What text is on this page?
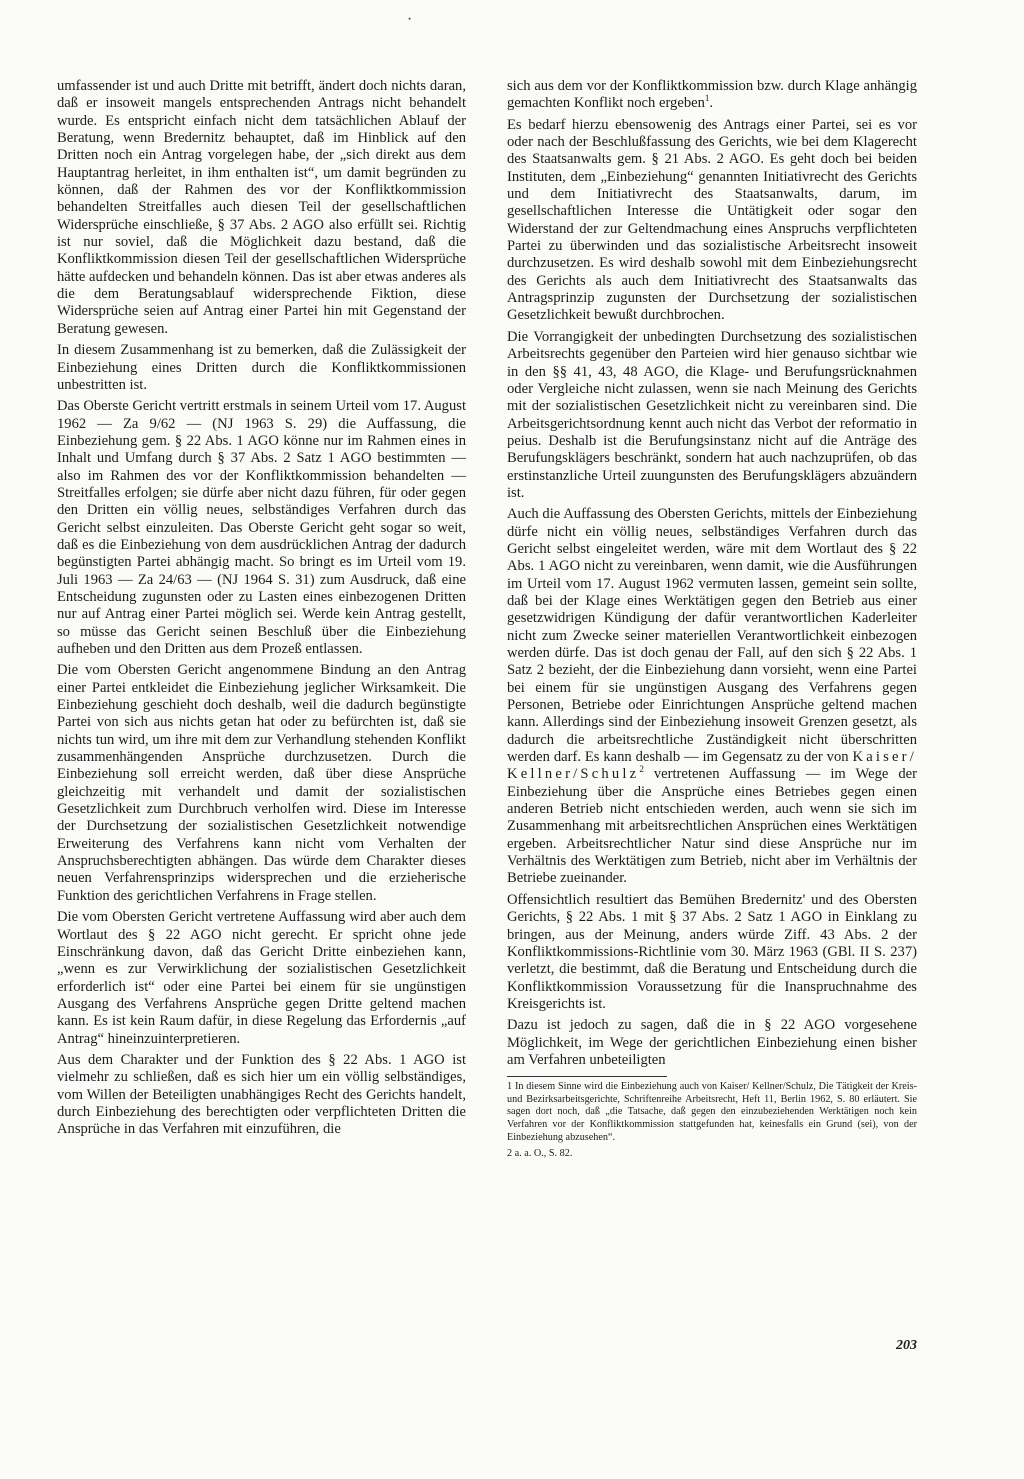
•

umfassender ist und auch Dritte mit betrifft, ändert doch nichts daran, daß er insoweit mangels entsprechenden Antrags nicht behandelt wurde. Es entspricht einfach nicht dem tatsächlichen Ablauf der Beratung, wenn Bredernitz behauptet, daß im Hinblick auf den Dritten noch ein Antrag vorgelegen habe, der „sich direkt aus dem Hauptantrag herleitet, in ihm enthalten ist“, um damit begründen zu können, daß der Rahmen des vor der Konfliktkommission behandelten Streitfalles auch diesen Teil der gesellschaftlichen Widersprüche einschließe, § 37 Abs. 2 AGO also erfüllt sei. Richtig ist nur soviel, daß die Möglichkeit dazu bestand, daß die Konfliktkommission diesen Teil der gesellschaftlichen Widersprüche hätte aufdecken und behandeln können. Das ist aber etwas anderes als die dem Beratungsablauf widersprechende Fiktion, diese Widersprüche seien auf Antrag einer Partei hin mit Gegenstand der Beratung gewesen.

In diesem Zusammenhang ist zu bemerken, daß die Zulässigkeit der Einbeziehung eines Dritten durch die Konfliktkommissionen unbestritten ist.

Das Oberste Gericht vertritt erstmals in seinem Urteil vom 17. August 1962 — Za 9/62 — (NJ 1963 S. 29) die Auffassung, die Einbeziehung gem. § 22 Abs. 1 AGO könne nur im Rahmen eines in Inhalt und Umfang durch § 37 Abs. 2 Satz 1 AGO bestimmten — also im Rahmen des vor der Konfliktkommission behandelten — Streitfalles erfolgen; sie dürfe aber nicht dazu führen, für oder gegen den Dritten ein völlig neues, selbständiges Verfahren durch das Gericht selbst einzuleiten. Das Oberste Gericht geht sogar so weit, daß es die Einbeziehung von dem ausdrücklichen Antrag der dadurch begünstigten Partei abhängig macht. So bringt es im Urteil vom 19. Juli 1963 — Za 24/63 — (NJ 1964 S. 31) zum Ausdruck, daß eine Entscheidung zugunsten oder zu Lasten eines einbezogenen Dritten nur auf Antrag einer Partei möglich sei. Werde kein Antrag gestellt, so müsse das Gericht seinen Beschluß über die Einbeziehung aufheben und den Dritten aus dem Prozeß entlassen.

Die vom Obersten Gericht angenommene Bindung an den Antrag einer Partei entkleidet die Einbeziehung jeglicher Wirksamkeit. Die Einbeziehung geschieht doch deshalb, weil die dadurch begünstigte Partei von sich aus nichts getan hat oder zu befürchten ist, daß sie nichts tun wird, um ihre mit dem zur Verhandlung stehenden Konflikt zusammenhängenden Ansprüche durchzusetzen. Durch die Einbeziehung soll erreicht werden, daß über diese Ansprüche gleichzeitig mit verhandelt und damit der sozialistischen Gesetzlichkeit zum Durchbruch verholfen wird. Diese im Interesse der Durchsetzung der sozialistischen Gesetzlichkeit notwendige Erweiterung des Verfahrens kann nicht vom Verhalten der Anspruchsberechtigten abhängen. Das würde dem Charakter dieses neuen Verfahrensprinzips widersprechen und die erzieherische Funktion des gerichtlichen Verfahrens in Frage stellen.

Die vom Obersten Gericht vertretene Auffassung wird aber auch dem Wortlaut des § 22 AGO nicht gerecht. Er spricht ohne jede Einschränkung davon, daß das Gericht Dritte einbeziehen kann, „wenn es zur Verwirklichung der sozialistischen Gesetzlichkeit erforderlich ist“ oder eine Partei bei einem für sie ungünstigen Ausgang des Verfahrens Ansprüche gegen Dritte geltend machen kann. Es ist kein Raum dafür, in diese Regelung das Erfordernis „auf Antrag“ hineinzuinterpretieren.

Aus dem Charakter und der Funktion des § 22 Abs. 1 AGO ist vielmehr zu schließen, daß es sich hier um ein völlig selbständiges, vom Willen der Beteiligten unabhängiges Recht des Gerichts handelt, durch Einbeziehung des berechtigten oder verpflichteten Dritten die Ansprüche in das Verfahren mit einzuführen, die

sich aus dem vor der Konfliktkommission bzw. durch Klage anhängig gemachten Konflikt noch ergeben$^1$.

Es bedarf hierzu ebensowenig des Antrags einer Partei, sei es vor oder nach der Beschlußfassung des Gerichts, wie bei dem Klagerecht des Staatsanwalts gem. § 21 Abs. 2 AGO. Es geht doch bei beiden Instituten, dem „Einbeziehung“ genannten Initiativrecht des Gerichts und dem Initiativrecht des Staatsanwalts, darum, im gesellschaftlichen Interesse die Untätigkeit oder sogar den Widerstand der zur Geltendmachung eines Anspruchs verpflichteten Partei zu überwinden und das sozialistische Arbeitsrecht insoweit durchzusetzen. Es wird deshalb sowohl mit dem Einbeziehungsrecht des Gerichts als auch dem Initiativrecht des Staatsanwalts das Antragsprinzip zugunsten der Durchsetzung der sozialistischen Gesetzlichkeit bewußt durchbrochen.

Die Vorrangigkeit der unbedingten Durchsetzung des sozialistischen Arbeitsrechts gegenüber den Parteien wird hier genauso sichtbar wie in den §§ 41, 43, 48 AGO, die Klage- und Berufungsrücknahmen oder Vergleiche nicht zulassen, wenn sie nach Meinung des Gerichts mit der sozialistischen Gesetzlichkeit nicht zu vereinbaren sind. Die Arbeitsgerichtsordnung kennt auch nicht das Verbot der reformatio in peius. Deshalb ist die Berufungsinstanz nicht auf die Anträge des Berufungsklägers beschränkt, sondern hat auch nachzuprüfen, ob das erstinstanzliche Urteil zuungunsten des Berufungsklägers abzuändern ist.

Auch die Auffassung des Obersten Gerichts, mittels der Einbeziehung dürfe nicht ein völlig neues, selbständiges Verfahren durch das Gericht selbst eingeleitet werden, wäre mit dem Wortlaut des § 22 Abs. 1 AGO nicht zu vereinbaren, wenn damit, wie die Ausführungen im Urteil vom 17. August 1962 vermuten lassen, gemeint sein sollte, daß bei der Klage eines Werktätigen gegen den Betrieb aus einer gesetzwidrigen Kündigung der dafür verantwortlichen Kaderleiter nicht zum Zwecke seiner materiellen Verantwortlichkeit einbezogen werden dürfe. Das ist doch genau der Fall, auf den sich § 22 Abs. 1 Satz 2 bezieht, der die Einbeziehung dann vorsieht, wenn eine Partei bei einem für sie ungünstigen Ausgang des Verfahrens gegen Personen, Betriebe oder Einrichtungen Ansprüche geltend machen kann. Allerdings sind der Einbeziehung insoweit Grenzen gesetzt, als dadurch die arbeitsrechtliche Zuständigkeit nicht überschritten werden darf. Es kann deshalb — im Gegensatz zu der von Kaiser/ Kellner/Schulz$^2$ vertretenen Auffassung — im Wege der Einbeziehung über die Ansprüche eines Betriebes gegen einen anderen Betrieb nicht entschieden werden, auch wenn sie sich im Zusammenhang mit arbeitsrechtlichen Ansprüchen eines Werktätigen ergeben. Arbeitsrechtlicher Natur sind diese Ansprüche nur im Verhältnis des Werktätigen zum Betrieb, nicht aber im Verhältnis der Betriebe zueinander.

Offensichtlich resultiert das Bemühen Bredernitz' und des Obersten Gerichts, § 22 Abs. 1 mit § 37 Abs. 2 Satz 1 AGO in Einklang zu bringen, aus der Meinung, anders würde Ziff. 43 Abs. 2 der Konfliktkommissions-Richtlinie vom 30. März 1963 (GBl. II S. 237) verletzt, die bestimmt, daß die Beratung und Entscheidung durch die Konfliktkommission Voraussetzung für die Inanspruchnahme des Kreisgerichts ist.

Dazu ist jedoch zu sagen, daß die in § 22 AGO vorgesehene Möglichkeit, im Wege der gerichtlichen Einbeziehung einen bisher am Verfahren unbeteiligten

1 In diesem Sinne wird die Einbeziehung auch von Kaiser/ Kellner/Schulz, Die Tätigkeit der Kreis- und Bezirksarbeitsgerichte, Schriftenreihe Arbeitsrecht, Heft 11, Berlin 1962, S. 80 erläutert. Sie sagen dort noch, daß „die Tatsache, daß gegen den einzubeziehenden Werktätigen noch kein Verfahren vor der Konfliktkommission stattgefunden hat, keinesfalls ein Grund (sei), von der Einbeziehung abzusehen“.

2 a. a. O., S. 82.

203
